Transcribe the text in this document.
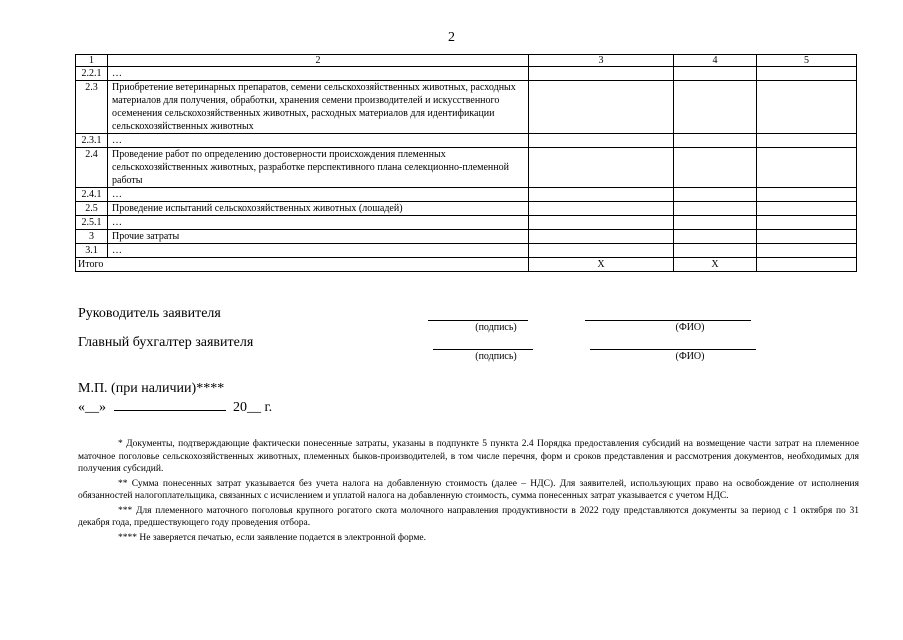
2
1	2	3	4	5
2.2.1	…			
2.3	Приобретение ветеринарных препаратов, семени сельскохозяйственных животных, расходных материалов для получения, обработки, хранения семени производителей и искусственного осеменения сельскохозяйственных животных, расходных материалов для идентификации сельскохозяйственных животных			
2.3.1	…			
2.4	Проведение работ по определению достоверности происхождения племенных сельскохозяйственных животных, разработке перспективного плана селекционно-племенной работы			
2.4.1	…			
2.5	Проведение испытаний сельскохозяйственных животных (лошадей)			
2.5.1	…			
3	Прочие затраты			
3.1	…			
Итого		X	X	
Руководитель заявителя
(подпись)	(ФИО)
Главный бухгалтер заявителя
(подпись)	(ФИО)
М.П. (при наличии)****
«__»	20__ г.

* Документы, подтверждающие фактически понесенные затраты, указаны в подпункте 5 пункта 2.4 Порядка предоставления субсидий на возмещение части затрат на племенное маточное поголовье сельскохозяйственных животных, племенных быков-производителей, в том числе перечня, форм и сроков представления и рассмотрения документов, необходимых для получения субсидий.

** Сумма понесенных затрат указывается без учета налога на добавленную стоимость (далее – НДС). Для заявителей, использующих право на освобождение от исполнения обязанностей налогоплательщика, связанных с исчислением и уплатой налога на добавленную стоимость, сумма понесенных затрат указывается с учетом НДС.

*** Для племенного маточного поголовья крупного рогатого скота молочного направления продуктивности в 2022 году представляются документы за период с 1 октября по 31 декабря года, предшествующего году проведения отбора.

**** Не заверяется печатью, если заявление подается в электронной форме.
